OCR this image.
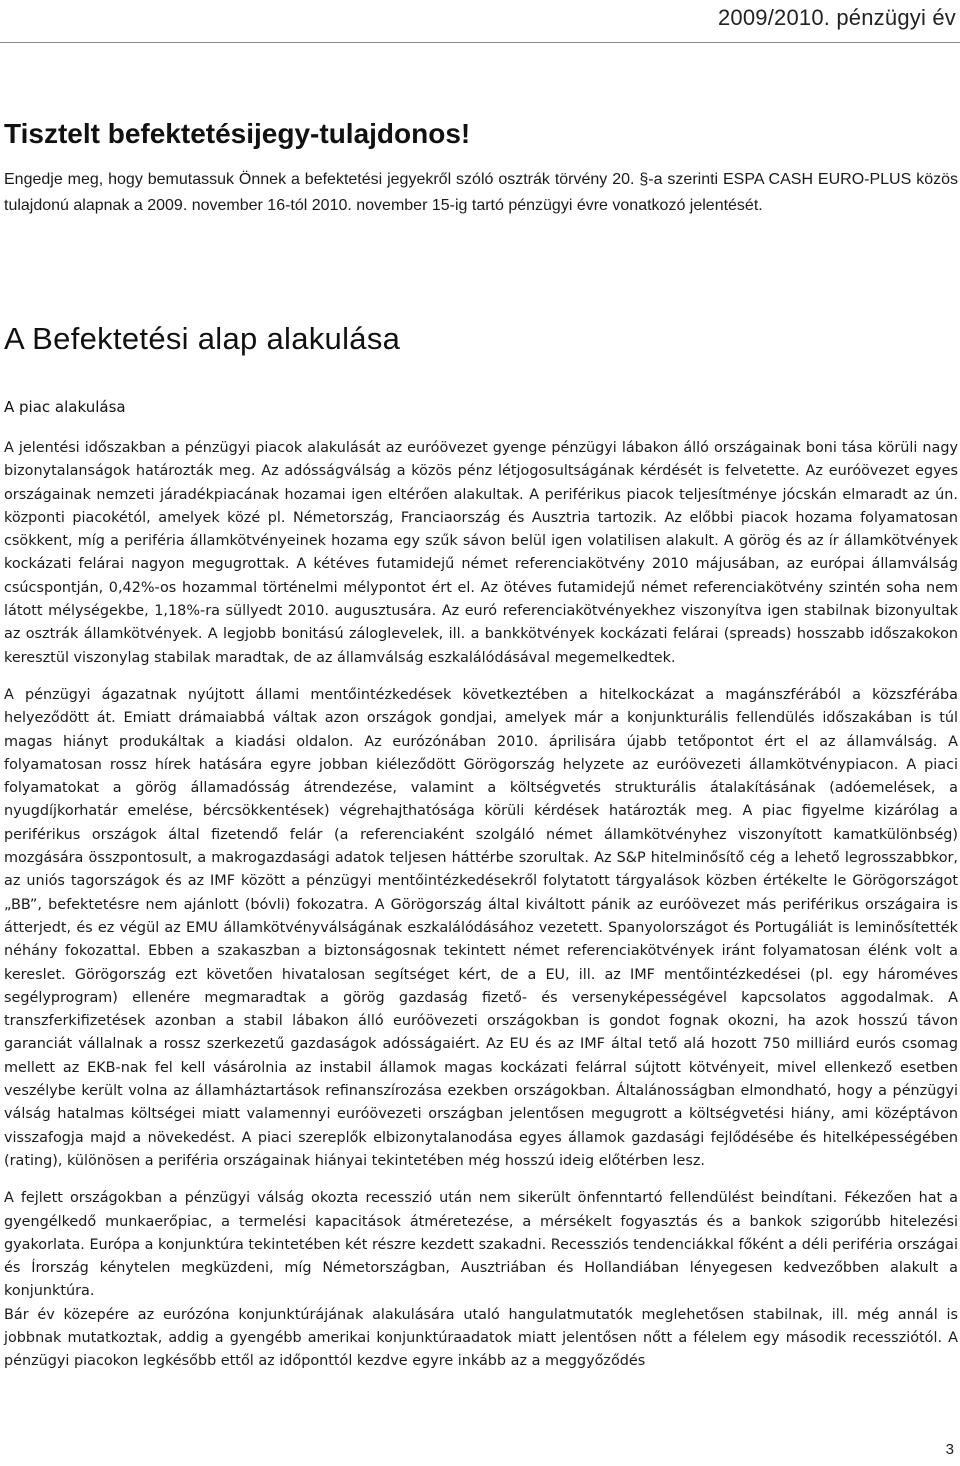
2009/2010. pénzügyi év
Tisztelt befektetésijegy-tulajdonos!

Engedje meg, hogy bemutassuk Önnek a befektetési jegyekről szóló osztrák törvény 20. §-a szerinti ESPA CASH EURO-PLUS közös tulajdonú alapnak a 2009. november 16-tól 2010. november 15-ig tartó pénzügyi évre vonatkozó jelentését.

A Befektetési alap alakulása
A piac alakulása

A jelentési időszakban a pénzügyi piacok alakulását az euróövezet gyenge pénzügyi lábakon álló országainak boni tása körüli nagy bizonytalanságok határozták meg. Az adósságválság a közös pénz létjogosultságának kérdését is felvetette. Az euróövezet egyes országainak nemzeti járadékpiacának hozamai igen eltérően alakultak. A periférikus piacok teljesítménye jócskán elmaradt az ún. központi piacokétól, amelyek közé pl. Németország, Franciaország és Ausztria tartozik. Az előbbi piacok hozama folyamatosan csökkent, míg a periféria államkötvényeinek hozama egy szűk sávon belül igen volatilisen alakult. A görög és az ír államkötvények kockázati felárai nagyon megugrottak. A kétéves futamidejű német referenciakötvény 2010 májusában, az európai államválság csúcspontján, 0,42%-os hozammal történelmi mélypontot ért el. Az ötéves futamidejű német referenciakötvény szintén soha nem látott mélységekbe, 1,18%-ra süllyedt 2010. augusztusára. Az euró referenciakötvényekhez viszonyítva igen stabilnak bizonyultak az osztrák államkötvények. A legjobb bonitású záloglevelek, ill. a bankkötvények kockázati felárai (spreads) hosszabb időszakokon keresztül viszonylag stabilak maradtak, de az államválság eszkalálódásával megemelkedtek.

A pénzügyi ágazatnak nyújtott állami mentőintézkedések következtében a hitelkockázat a magánszférából a közszférába helyeződött át. Emiatt drámaiabbá váltak azon országok gondjai, amelyek már a konjunkturális fellendülés időszakában is túl magas hiányt produkáltak a kiadási oldalon. Az eurózónában 2010. áprilisára újabb tetőpontot ért el az államválság. A folyamatosan rossz hírek hatására egyre jobban kiéleződött Görögország helyzete az euróövezeti államkötvénypiacon. A piaci folyamatokat a görög államadósság átrendezése, valamint a költségvetés strukturális átalakításának (adóemelések, a nyugdíjkorhatár emelése, bércsökkentések) végrehajthatósága körüli kérdések határozták meg. A piac figyelme kizárólag a periférikus országok által fizetendő felár (a referenciaként szolgáló német államkötvényhez viszonyított kamatkülönbség) mozgására összpontosult, a makrogazdasági adatok teljesen háttérbe szorultak. Az S&P hitelminősítő cég a lehető legrosszabbkor, az uniós tagországok és az IMF között a pénzügyi mentőintézkedésekről folytatott tárgyalások közben értékelte le Görögországot „BB”, befektetésre nem ajánlott (bóvli) fokozatra. A Görögország által kiváltott pánik az euróövezet más periférikus országaira is átterjedt, és ez végül az EMU államkötvényválságának eszkalálódásához vezetett. Spanyolországot és Portugáliát is leminősítették néhány fokozattal. Ebben a szakaszban a biztonságosnak tekintett német referenciakötvények iránt folyamatosan élénk volt a kereslet. Görögország ezt követően hivatalosan segítséget kért, de a EU, ill. az IMF mentőintézkedései (pl. egy hároméves segélyprogram) ellenére megmaradtak a görög gazdaság fizető- és versenyképességével kapcsolatos aggodalmak. A transzferkifizetések azonban a stabil lábakon álló euróövezeti országokban is gondot fognak okozni, ha azok hosszú távon garanciát vállalnak a rossz szerkezetű gazdaságok adósságaiért. Az EU és az IMF által tető alá hozott 750 milliárd eurós csomag mellett az EKB-nak fel kell vásárolnia az instabil államok magas kockázati felárral sújtott kötvényeit, mivel ellenkező esetben veszélybe került volna az államháztartások refinanszírozása ezekben országokban. Általánosságban elmondható, hogy a pénzügyi válság hatalmas költségei miatt valamennyi euróövezeti országban jelentősen megugrott a költségvetési hiány, ami középtávon visszafogja majd a növekedést. A piaci szereplők elbizonytalanodása egyes államok gazdasági fejlődésébe és hitelképességében (rating), különösen a periféria országainak hiányai tekintetében még hosszú ideig előtérben lesz.

A fejlett országokban a pénzügyi válság okozta recesszió után nem sikerült önfenntartó fellendülést beindítani. Fékezően hat a gyengélkedő munkaerőpiac, a termelési kapacitások átméretezése, a mérsékelt fogyasztás és a bankok szigorúbb hitelezési gyakorlata. Európa a konjunktúra tekintetében két részre kezdett szakadni. Recessziós tendenciákkal főként a déli periféria országai és Írország kénytelen megküzdeni, míg Németországban, Ausztriában és Hollandiában lényegesen kedvezőbben alakult a konjunktúra.

Bár év közepére az eurózóna konjunktúrájának alakulására utaló hangulatmutatók meglehetősen stabilnak, ill. még annál is jobbnak mutatkoztak, addig a gyengébb amerikai konjunktúraadatok miatt jelentősen nőtt a félelem egy második recessziótól. A pénzügyi piacokon legkésőbb ettől az időponttól kezdve egyre inkább az a meggyőződés

3
